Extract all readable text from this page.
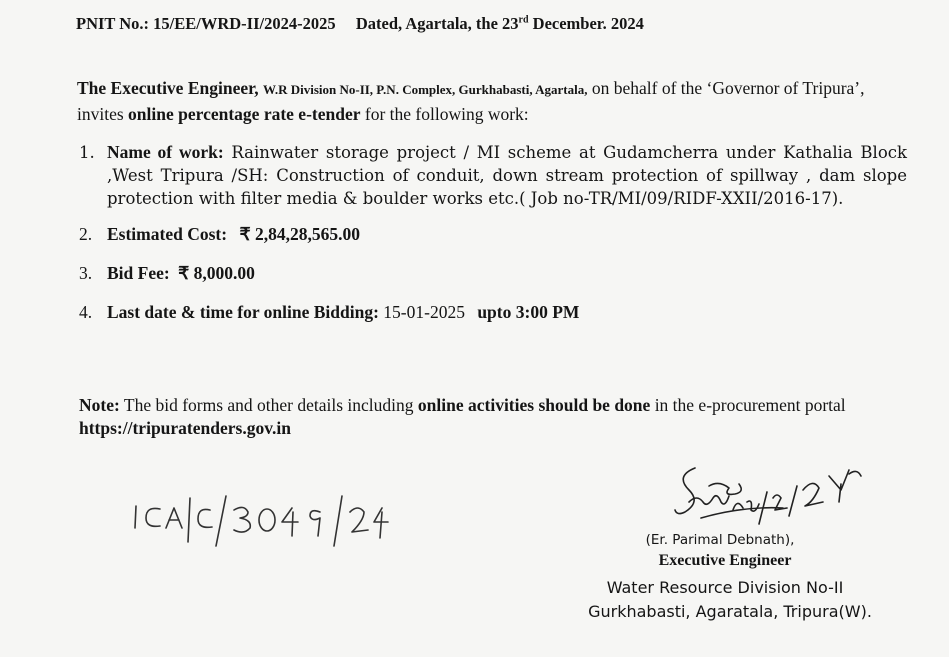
PNIT No.: 15/EE/WRD-II/2024-2025 Dated, Agartala, the 23rd December. 2024
The Executive Engineer, W.R Division No-II, P.N. Complex, Gurkhabasti, Agartala, on behalf of the ‘Governor of Tripura’, invites online percentage rate e-tender for the following work:
1. Name of work: Rainwater storage project / MI scheme at Gudamcherra under Kathalia Block ,West Tripura /SH: Construction of conduit, down stream protection of spillway , dam slope protection with filter media & boulder works etc.( Job no-TR/MI/09/RIDF-XXII/2016-17).
2. Estimated Cost: ₹ 2,84,28,565.00
3. Bid Fee: ₹ 8,000.00
4. Last date & time for online Bidding: 15-01-2025 upto 3:00 PM
Note: The bid forms and other details including online activities should be done in the e-procurement portal https://tripuratenders.gov.in
(Er. Parimal Debnath),
Executive Engineer
Water Resource Division No-II
Gurkhabasti, Agaratala, Tripura(W).
